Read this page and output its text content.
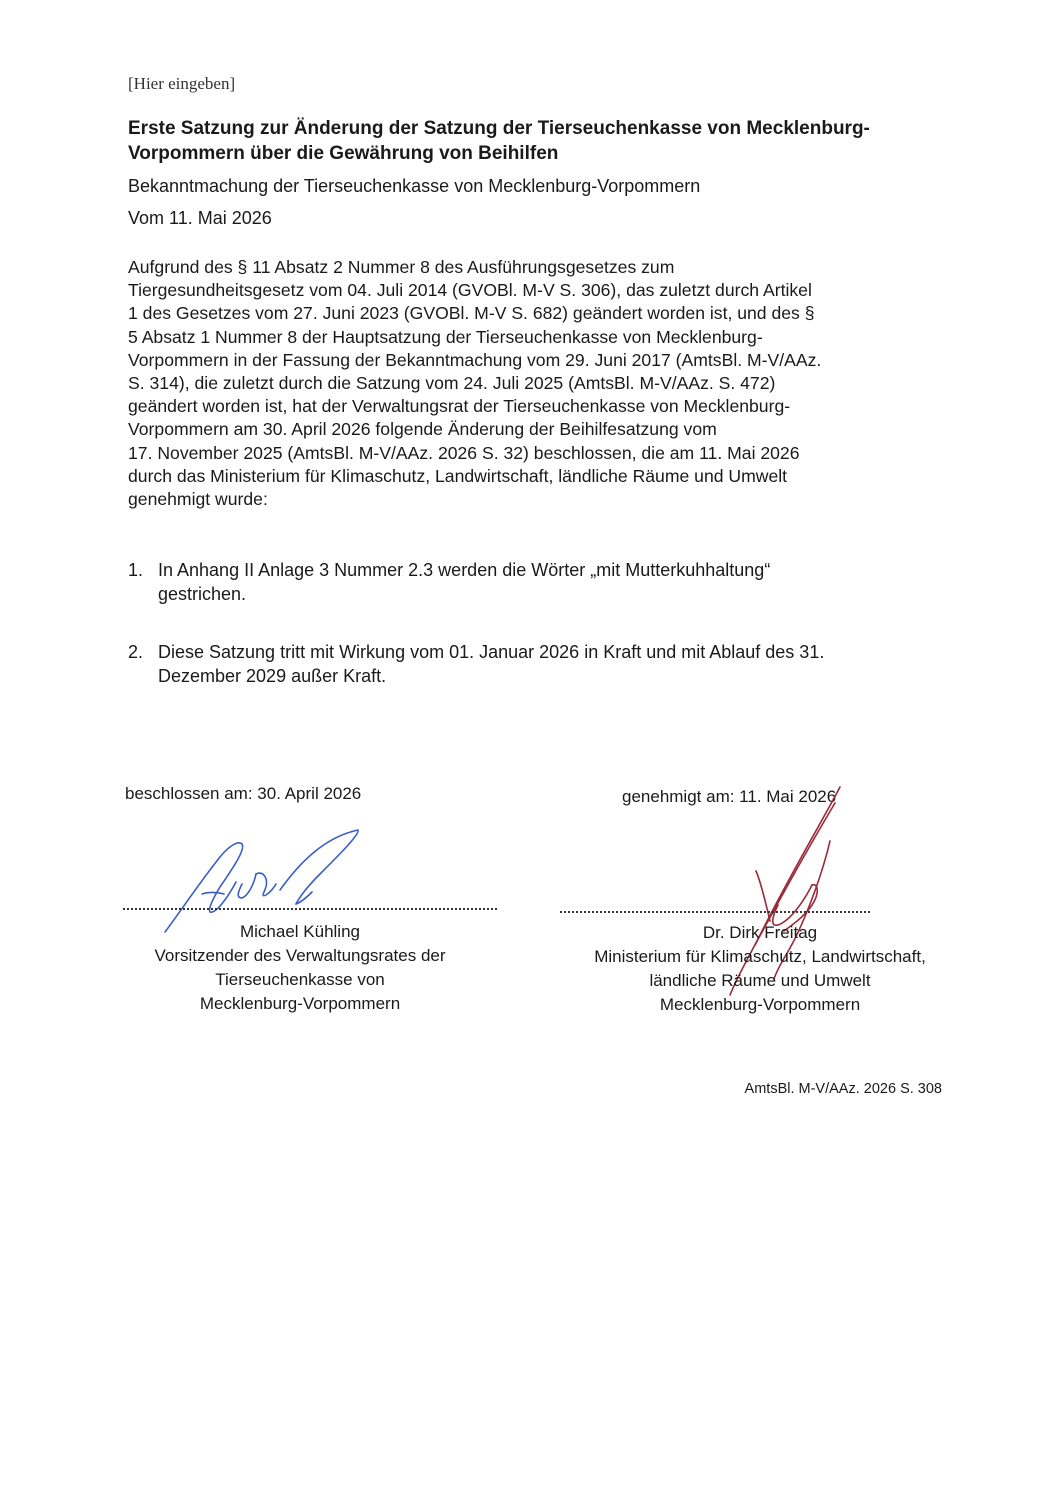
[Hier eingeben]
Erste Satzung zur Änderung der Satzung der Tierseuchenkasse von Mecklenburg-
Vorpommern über die Gewährung von Beihilfen
Bekanntmachung der Tierseuchenkasse von Mecklenburg-Vorpommern
Vom 11. Mai 2026
Aufgrund des § 11 Absatz 2 Nummer 8 des Ausführungsgesetzes zum
Tiergesundheitsgesetz vom 04. Juli 2014 (GVOBl. M-V S. 306), das zuletzt durch Artikel
1 des Gesetzes vom 27. Juni 2023 (GVOBl. M-V S. 682) geändert worden ist, und des §
5 Absatz 1 Nummer 8 der Hauptsatzung der Tierseuchenkasse von Mecklenburg-
Vorpommern in der Fassung der Bekanntmachung vom 29. Juni 2017 (AmtsBl. M-V/AAz.
S. 314), die zuletzt durch die Satzung vom 24. Juli 2025 (AmtsBl. M-V/AAz. S. 472)
geändert worden ist, hat der Verwaltungsrat der Tierseuchenkasse von Mecklenburg-
Vorpommern am 30. April 2026 folgende Änderung der Beihilfesatzung vom
17. November 2025 (AmtsBl. M-V/AAz. 2026 S. 32) beschlossen, die am 11. Mai 2026
durch das Ministerium für Klimaschutz, Landwirtschaft, ländliche Räume und Umwelt
genehmigt wurde:
1. In Anhang II Anlage 3 Nummer 2.3 werden die Wörter „mit Mutterkuhhaltung“
gestrichen.
2. Diese Satzung tritt mit Wirkung vom 01. Januar 2026 in Kraft und mit Ablauf des 31.
Dezember 2029 außer Kraft.
beschlossen am: 30. April 2026
Michael Kühling
Vorsitzender des Verwaltungsrates der
Tierseuchenkasse von
Mecklenburg-Vorpommern
genehmigt am: 11. Mai 2026
Dr. Dirk Freitag
Ministerium für Klimaschutz, Landwirtschaft,
ländliche Räume und Umwelt
Mecklenburg-Vorpommern
AmtsBl. M-V/AAz. 2026 S. 308
